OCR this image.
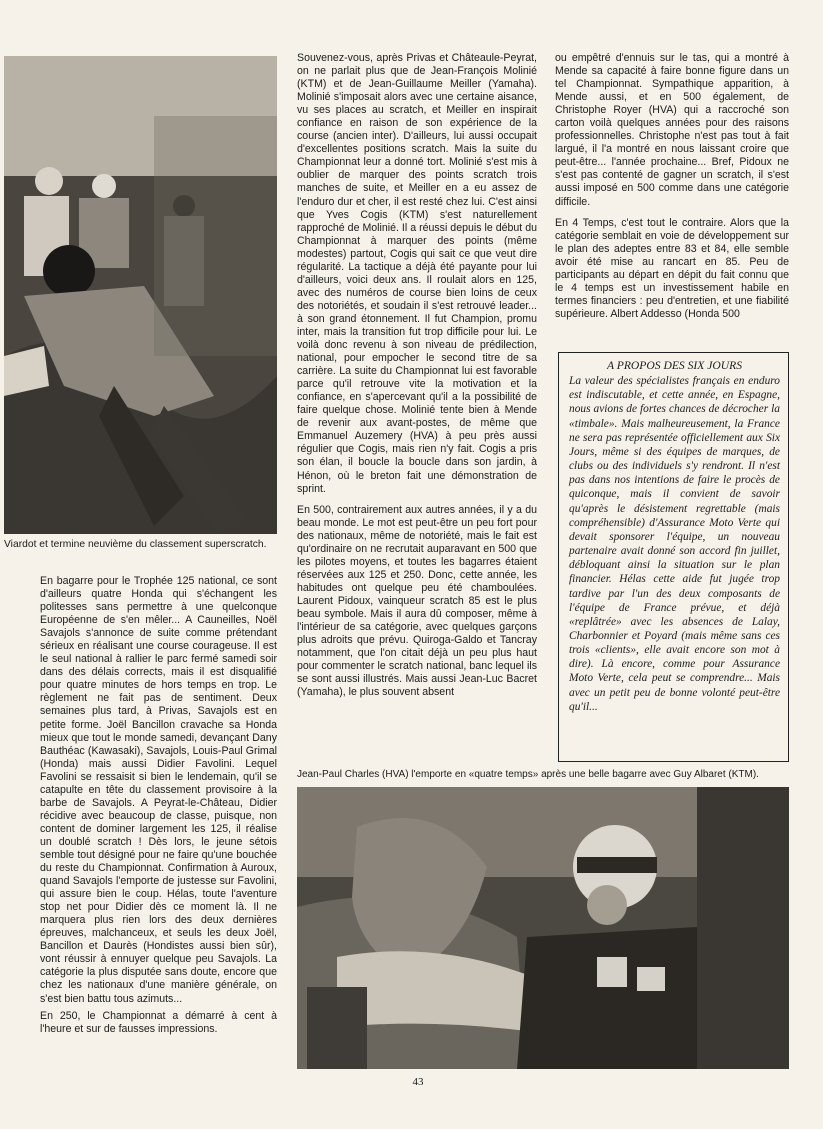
Viardot et termine neuvième du classement superscratch.

En bagarre pour le Trophée 125 national, ce sont d'ailleurs quatre Honda qui s'échangent les politesses sans permettre à une quelconque Européenne de s'en mêler... A Cauneilles, Noël Savajols s'annonce de suite comme prétendant sérieux en réalisant une course courageuse. Il est le seul national à rallier le parc fermé samedi soir dans des délais corrects, mais il est disqualifié pour quatre minutes de hors temps en trop. Le règlement ne fait pas de sentiment. Deux semaines plus tard, à Privas, Savajols est en petite forme. Joël Bancillon cravache sa Honda mieux que tout le monde samedi, devançant Dany Bauthéac (Kawasaki), Savajols, Louis-Paul Grimal (Honda) mais aussi Didier Favolini. Lequel Favolini se ressaisit si bien le lendemain, qu'il se catapulte en tête du classement provisoire à la barbe de Savajols. A Peyrat-le-Château, Didier récidive avec beaucoup de classe, puisque, non content de dominer largement les 125, il réalise un doublé scratch ! Dès lors, le jeune sétois semble tout désigné pour ne faire qu'une bouchée du reste du Championnat. Confirmation à Auroux, quand Savajols l'emporte de justesse sur Favolini, qui assure bien le coup. Hélas, toute l'aventure stop net pour Didier dès ce moment là. Il ne marquera plus rien lors des deux dernières épreuves, malchanceux, et seuls les deux Joël, Bancillon et Daurès (Hondistes aussi bien sûr), vont réussir à ennuyer quelque peu Savajols. La catégorie la plus disputée sans doute, encore que chez les nationaux d'une manière générale, on s'est bien battu tous azimuts...

En 250, le Championnat a démarré à cent à l'heure et sur de fausses impressions.

Souvenez-vous, après Privas et Châteaule-Peyrat, on ne parlait plus que de Jean-François Molinié (KTM) et de Jean-Guillaume Meiller (Yamaha). Molinié s'imposait alors avec une certaine aisance, vu ses places au scratch, et Meiller en inspirait confiance en raison de son expérience de la course (ancien inter). D'ailleurs, lui aussi occupait d'excellentes positions scratch. Mais la suite du Championnat leur a donné tort. Molinié s'est mis à oublier de marquer des points scratch trois manches de suite, et Meiller en a eu assez de l'enduro dur et cher, il est resté chez lui. C'est ainsi que Yves Cogis (KTM) s'est naturellement rapproché de Molinié. Il a réussi depuis le début du Championnat à marquer des points (même modestes) partout, Cogis qui sait ce que veut dire régularité. La tactique a déjà été payante pour lui d'ailleurs, voici deux ans. Il roulait alors en 125, avec des numéros de course bien loins de ceux des notoriétés, et soudain il s'est retrouvé leader... à son grand étonnement. Il fut Champion, promu inter, mais la transition fut trop difficile pour lui. Le voilà donc revenu à son niveau de prédilection, national, pour empocher le second titre de sa carrière. La suite du Championnat lui est favorable parce qu'il retrouve vite la motivation et la confiance, en s'apercevant qu'il a la possibilité de faire quelque chose. Molinié tente bien à Mende de revenir aux avant-postes, de même que Emmanuel Auzemery (HVA) à peu près aussi régulier que Cogis, mais rien n'y fait. Cogis a pris son élan, il boucle la boucle dans son jardin, à Hénon, où le breton fait une démonstration de sprint.

En 500, contrairement aux autres années, il y a du beau monde. Le mot est peut-être un peu fort pour des nationaux, même de notoriété, mais le fait est qu'ordinaire on ne recrutait auparavant en 500 que les pilotes moyens, et toutes les bagarres étaient réservées aux 125 et 250. Donc, cette année, les habitudes ont quelque peu été chamboulées. Laurent Pidoux, vainqueur scratch 85 est le plus beau symbole. Mais il aura dû composer, même à l'intérieur de sa catégorie, avec quelques garçons plus adroits que prévu. Quiroga-Galdo et Tancray notamment, que l'on citait déjà un peu plus haut pour commenter le scratch national, banc lequel ils se sont aussi illustrés. Mais aussi Jean-Luc Bacret (Yamaha), le plus souvent absent

ou empêtré d'ennuis sur le tas, qui a montré à Mende sa capacité à faire bonne figure dans un tel Championnat. Sympathique apparition, à Mende aussi, et en 500 également, de Christophe Royer (HVA) qui a raccroché son carton voilà quelques années pour des raisons professionnelles. Christophe n'est pas tout à fait largué, il l'a montré en nous laissant croire que peut-être... l'année prochaine... Bref, Pidoux ne s'est pas contenté de gagner un scratch, il s'est aussi imposé en 500 comme dans une catégorie difficile.

En 4 Temps, c'est tout le contraire. Alors que la catégorie semblait en voie de développement sur le plan des adeptes entre 83 et 84, elle semble avoir été mise au rancart en 85. Peu de participants au départ en dépit du fait connu que le 4 temps est un investissement habile en termes financiers : peu d'entretien, et une fiabilité supérieure. Albert Addesso (Honda 500

A PROPOS DES SIX JOURS
La valeur des spécialistes français en enduro est indiscutable, et cette année, en Espagne, nous avions de fortes chances de décrocher la «timbale». Mais malheureusement, la France ne sera pas représentée officiellement aux Six Jours, même si des équipes de marques, de clubs ou des individuels s'y rendront. Il n'est pas dans nos intentions de faire le procès de quiconque, mais il convient de savoir qu'après le désistement regrettable (mais compréhensible) d'Assurance Moto Verte qui devait sponsorer l'équipe, un nouveau partenaire avait donné son accord fin juillet, débloquant ainsi la situation sur le plan financier. Hélas cette aide fut jugée trop tardive par l'un des deux composants de l'équipe de France prévue, et déjà «replâtrée» avec les absences de Lalay, Charbonnier et Poyard (mais même sans ces trois «clients», elle avait encore son mot à dire). Là encore, comme pour Assurance Moto Verte, cela peut se comprendre... Mais avec un petit peu de bonne volonté peut-être qu'il...
Jean-Paul Charles (HVA) l'emporte en «quatre temps» après une belle bagarre avec Guy Albaret (KTM).
43
